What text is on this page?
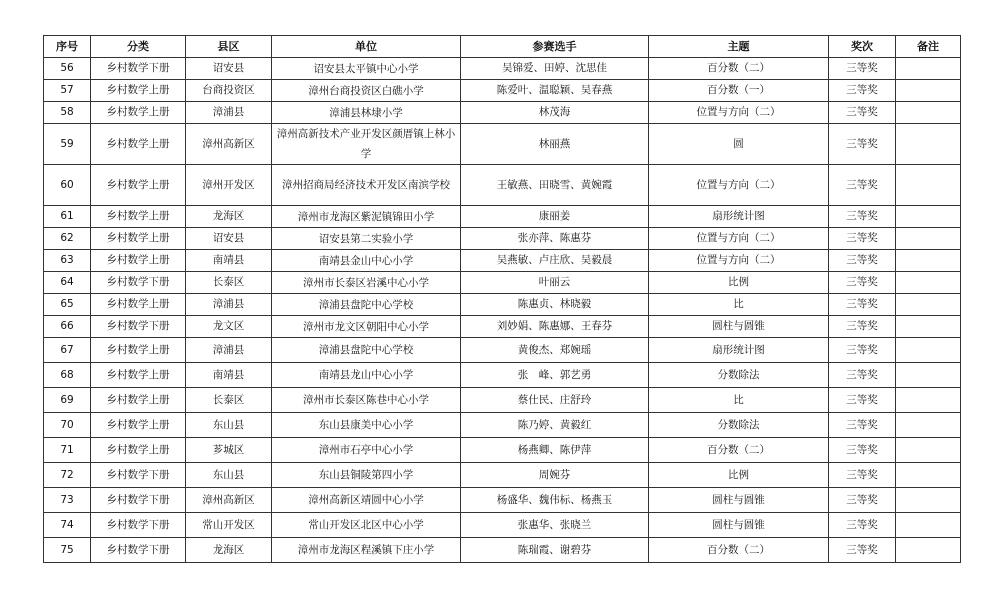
序号	分类	县区	单位	参赛选手	主题	奖次	备注
56	乡村数学下册	诏安县	诏安县太平镇中心小学	吴锦爱、田婷、沈思佳	百分数（二）	三等奖	
57	乡村数学上册	台商投资区	漳州台商投资区白礁小学	陈爱叶、温聪颖、吴春燕	百分数（一）	三等奖	
58	乡村数学上册	漳浦县	漳浦县林埭小学	林茂海	位置与方向（二）	三等奖	
59	乡村数学上册	漳州高新区	漳州高新技术产业开发区颜厝镇上林小学	林丽燕	圆	三等奖	
60	乡村数学上册	漳州开发区	漳州招商局经济技术开发区南滨学校	王敏燕、田晓雪、黄婉霞	位置与方向（二）	三等奖	
61	乡村数学上册	龙海区	漳州市龙海区紫泥镇锦田小学	康丽姜	扇形统计图	三等奖	
62	乡村数学上册	诏安县	诏安县第二实验小学	张亦萍、陈惠芬	位置与方向（二）	三等奖	
63	乡村数学上册	南靖县	南靖县金山中心小学	吴燕敏、卢庄欣、吴毅晨	位置与方向（二）	三等奖	
64	乡村数学下册	长泰区	漳州市长泰区岩溪中心小学	叶丽云	比例	三等奖	
65	乡村数学上册	漳浦县	漳浦县盘陀中心学校	陈惠贞、林晓毅	比	三等奖	
66	乡村数学下册	龙文区	漳州市龙文区朝阳中心小学	刘妙娟、陈惠娜、王春芬	圆柱与圆锥	三等奖	
67	乡村数学上册	漳浦县	漳浦县盘陀中心学校	黄俊杰、郑婉瑶	扇形统计图	三等奖	
68	乡村数学上册	南靖县	南靖县龙山中心小学	张　峰、郭艺勇	分数除法	三等奖	
69	乡村数学上册	长泰区	漳州市长泰区陈巷中心小学	蔡仕民、庄舒玲	比	三等奖	
70	乡村数学上册	东山县	东山县康美中心小学	陈乃婷、黄毅红	分数除法	三等奖	
71	乡村数学上册	芗城区	漳州市石亭中心小学	杨燕卿、陈伊萍	百分数（二）	三等奖	
72	乡村数学下册	东山县	东山县铜陵第四小学	周婉芬	比例	三等奖	
73	乡村数学下册	漳州高新区	漳州高新区靖圆中心小学	杨盛华、魏伟标、杨燕玉	圆柱与圆锥	三等奖	
74	乡村数学下册	常山开发区	常山开发区北区中心小学	张惠华、张晓兰	圆柱与圆锥	三等奖	
75	乡村数学下册	龙海区	漳州市龙海区程溪镇下庄小学	陈瑞霞、谢碧芬	百分数（二）	三等奖	
